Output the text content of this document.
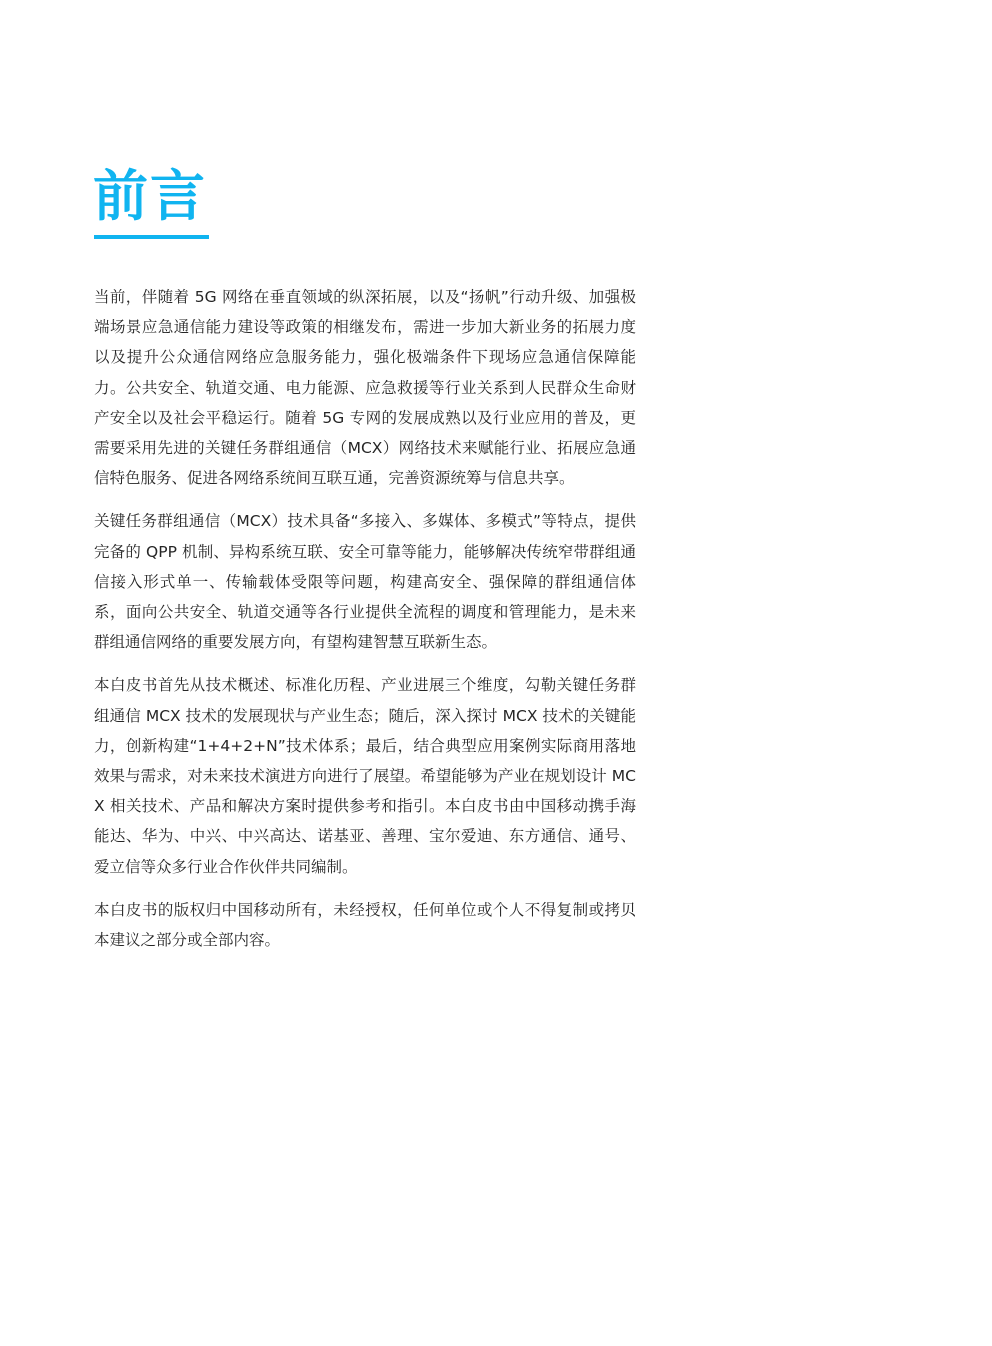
前言

当前，伴随着 5G 网络在垂直领域的纵深拓展，以及“扬帆”行动升级、加强极端场景应急通信能力建设等政策的相继发布，需进一步加大新业务的拓展力度以及提升公众通信网络应急服务能力，强化极端条件下现场应急通信保障能力。公共安全、轨道交通、电力能源、应急救援等行业关系到人民群众生命财产安全以及社会平稳运行。随着 5G 专网的发展成熟以及行业应用的普及，更需要采用先进的关键任务群组通信（MCX）网络技术来赋能行业、拓展应急通信特色服务、促进各网络系统间互联互通，完善资源统筹与信息共享。

关键任务群组通信（MCX）技术具备“多接入、多媒体、多模式”等特点，提供完备的 QPP 机制、异构系统互联、安全可靠等能力，能够解决传统窄带群组通信接入形式单一、传输载体受限等问题，构建高安全、强保障的群组通信体系，面向公共安全、轨道交通等各行业提供全流程的调度和管理能力，是未来群组通信网络的重要发展方向，有望构建智慧互联新生态。

本白皮书首先从技术概述、标准化历程、产业进展三个维度，勾勒关键任务群组通信 MCX 技术的发展现状与产业生态；随后，深入探讨 MCX 技术的关键能力，创新构建“1+4+2+N”技术体系；最后，结合典型应用案例实际商用落地效果与需求，对未来技术演进方向进行了展望。希望能够为产业在规划设计 MCX 相关技术、产品和解决方案时提供参考和指引。本白皮书由中国移动携手海能达、华为、中兴、中兴高达、诺基亚、善理、宝尔爱迪、东方通信、通号、爱立信等众多行业合作伙伴共同编制。

本白皮书的版权归中国移动所有，未经授权，任何单位或个人不得复制或拷贝本建议之部分或全部内容。
